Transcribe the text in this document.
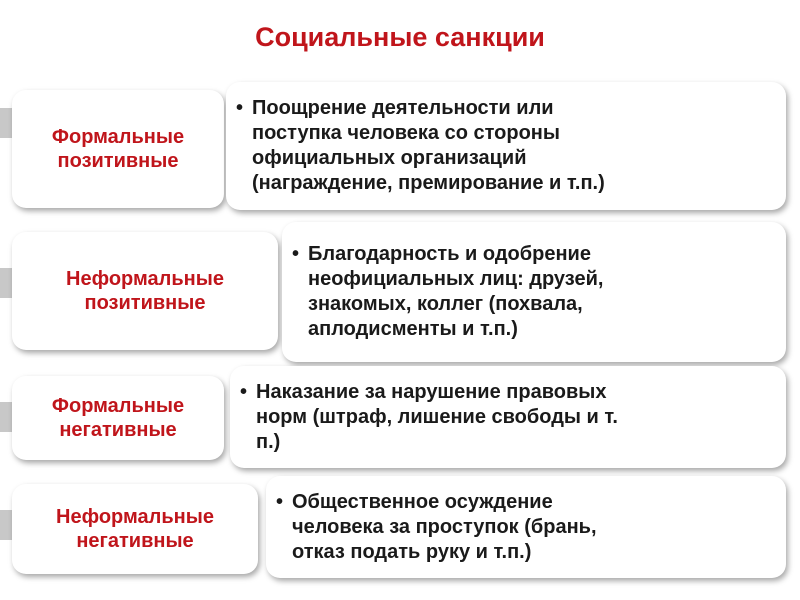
Социальные санкции
Формальные
позитивные
• Поощрение деятельности или
поступка человека со стороны
официальных организаций
(награждение, премирование и т.п.)
Неформальные
позитивные
• Благодарность и одобрение
неофициальных лиц: друзей,
знакомых, коллег (похвала,
аплодисменты и т.п.)
Формальные
негативные
• Наказание за нарушение правовых
норм (штраф, лишение свободы и т.
п.)
Неформальные
негативные
• Общественное осуждение
человека за проступок (брань,
отказ подать руку и т.п.)
